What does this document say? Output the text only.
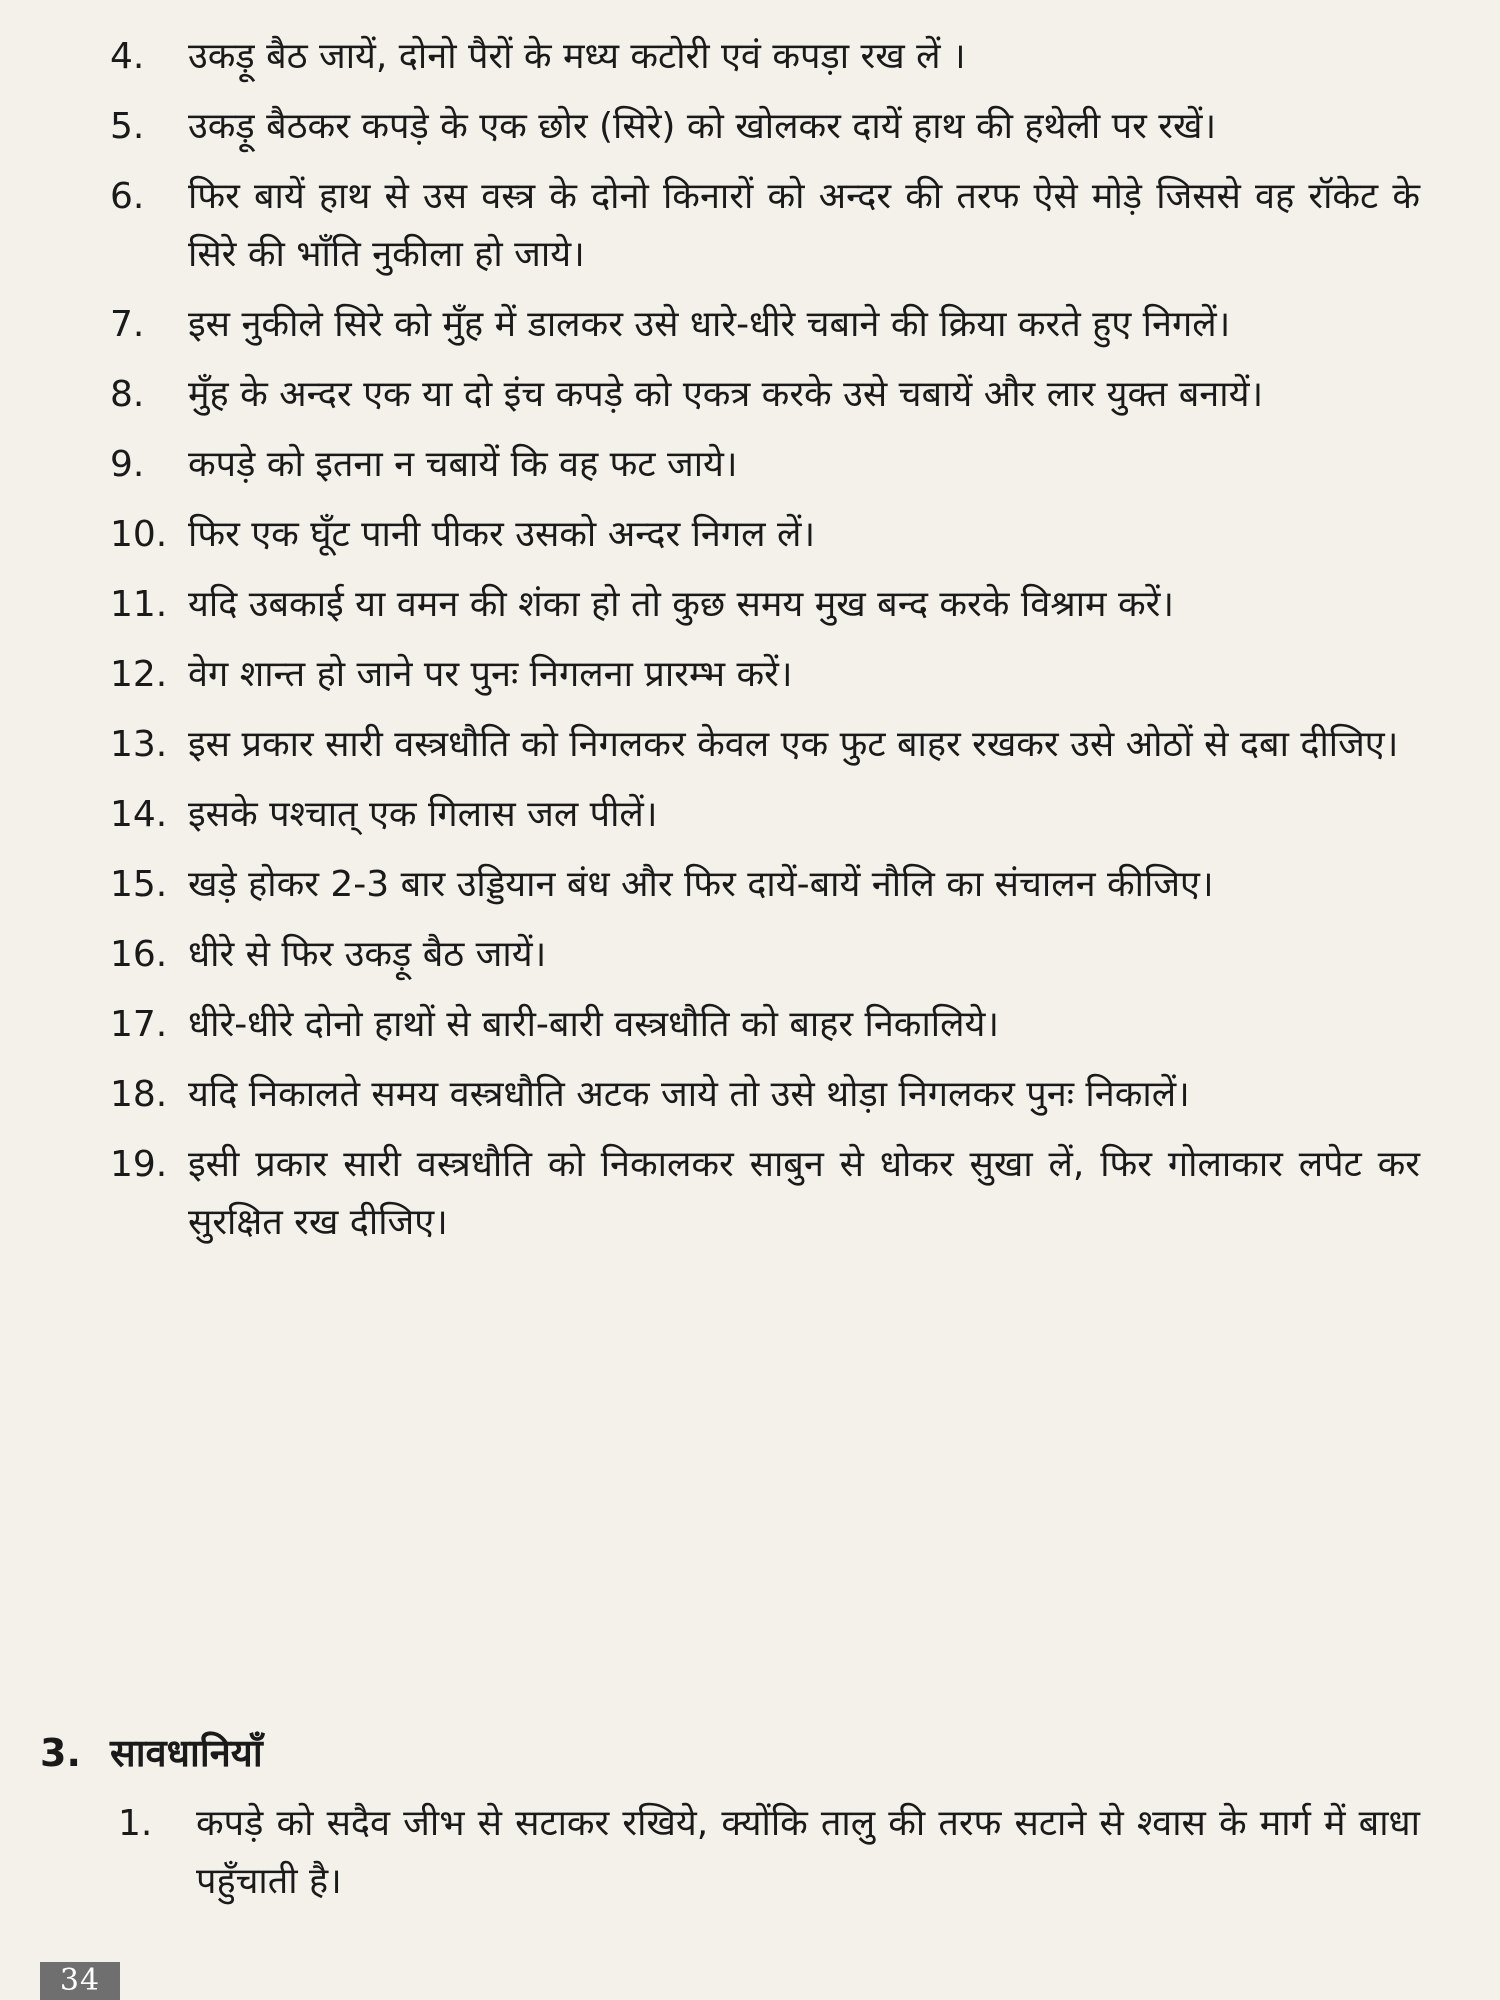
4.	उकड़ू बैठ जायें, दोनो पैरों के मध्य कटोरी एवं कपड़ा रख लें ।
5.	उकड़ू बैठकर कपड़े के एक छोर (सिरे) को खोलकर दायें हाथ की हथेली पर रखें।
6.	फिर बायें हाथ से उस वस्त्र के दोनो किनारों को अन्दर की तरफ ऐसे मोड़े जिससे वह रॉकेट के सिरे की भाँति नुकीला हो जाये।
7.	इस नुकीले सिरे को मुँह में डालकर उसे धारे-धीरे चबाने की क्रिया करते हुए निगलें।
8.	मुँह के अन्दर एक या दो इंच कपड़े को एकत्र करके उसे चबायें और लार युक्त बनायें।
9.	कपड़े को इतना न चबायें कि वह फट जाये।
10. फिर एक घूँट पानी पीकर उसको अन्दर निगल लें।
11. यदि उबकाई या वमन की शंका हो तो कुछ समय मुख बन्द करके विश्राम करें।
12. वेग शान्त हो जाने पर पुनः निगलना प्रारम्भ करें।
13. इस प्रकार सारी वस्त्रधौति को निगलकर केवल एक फुट बाहर रखकर उसे ओठों से दबा दीजिए।
14. इसके पश्चात् एक गिलास जल पीलें।
15. खड़े होकर 2-3 बार उड्डियान बंध और फिर दायें-बायें नौलि का संचालन कीजिए।
16. धीरे से फिर उकड़ू बैठ जायें।
17. धीरे-धीरे दोनो हाथों से बारी-बारी वस्त्रधौति को बाहर निकालिये।
18. यदि निकालते समय वस्त्रधौति अटक जाये तो उसे थोड़ा निगलकर पुनः निकालें।
19. इसी प्रकार सारी वस्त्रधौति को निकालकर साबुन से धोकर सुखा लें, फिर गोलाकार लपेट कर सुरक्षित रख दीजिए।
3. सावधानियाँ
1.	कपड़े को सदैव जीभ से सटाकर रखिये, क्योंकि तालु की तरफ सटाने से श्वास के मार्ग में बाधा पहुँचाती है।
34
